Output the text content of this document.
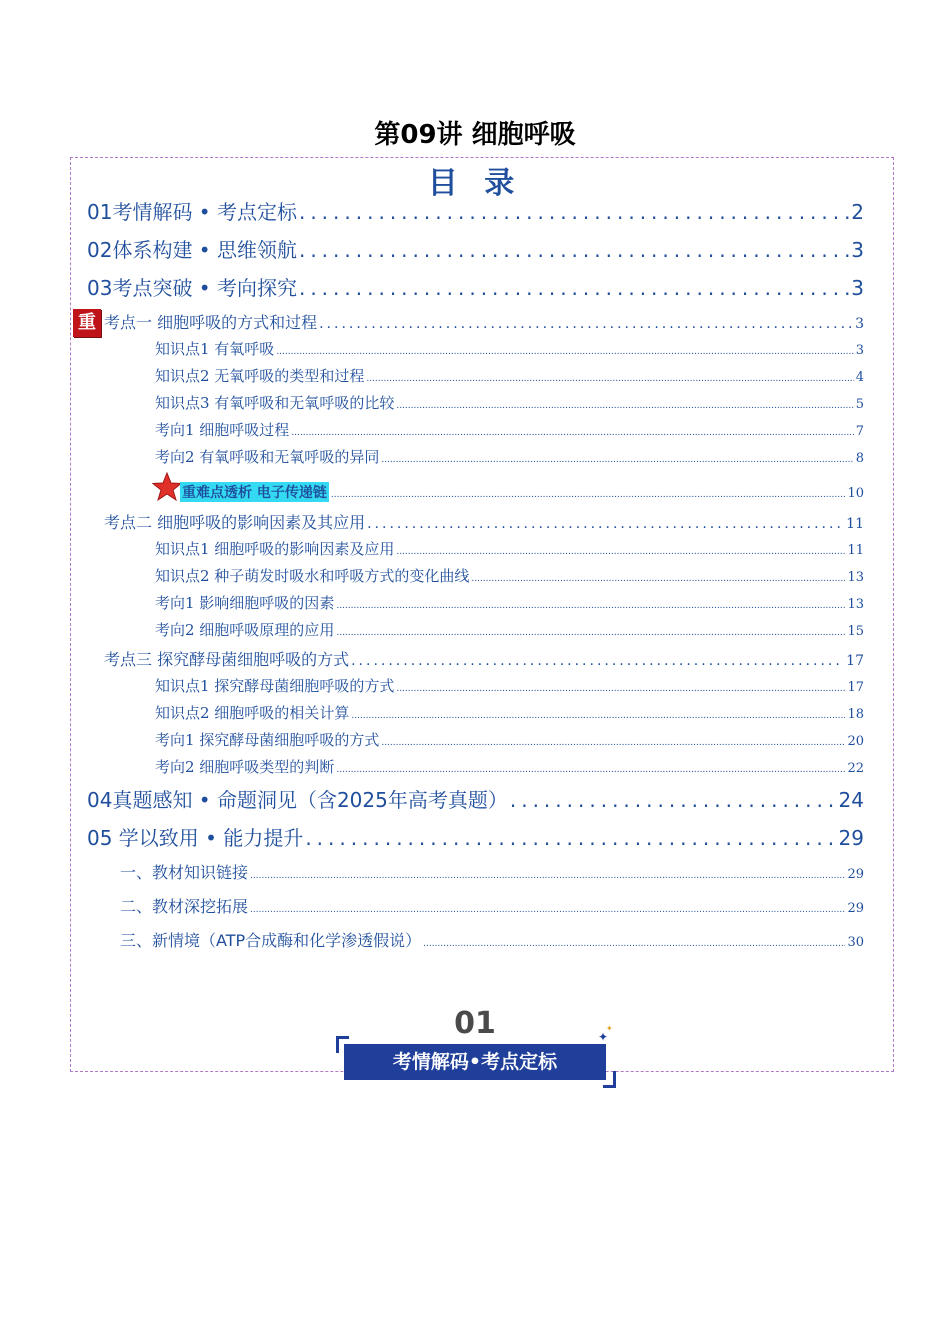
第09讲 细胞呼吸
目 录
01考情解码 • 考点定标 .....	2
02体系构建 • 思维领航 .....	3
03考点突破 • 考向探究 .....	3
重 考点一 细胞呼吸的方式和过程 .....	3
知识点1 有氧呼吸 .....	3
知识点2 无氧呼吸的类型和过程 .....	4
知识点3 有氧呼吸和无氧呼吸的比较 .....	5
考向1 细胞呼吸过程 .....	7
考向2 有氧呼吸和无氧呼吸的异同 .....	8
重难点透析 电子传递链 .....	10
考点二 细胞呼吸的影响因素及其应用 .....	11
知识点1 细胞呼吸的影响因素及应用 .....	11
知识点2 种子萌发时吸水和呼吸方式的变化曲线 .....	13
考向1 影响细胞呼吸的因素 .....	13
考向2 细胞呼吸原理的应用 .....	15
考点三 探究酵母菌细胞呼吸的方式 .....	17
知识点1 探究酵母菌细胞呼吸的方式 .....	17
知识点2 细胞呼吸的相关计算 .....	18
考向1 探究酵母菌细胞呼吸的方式 .....	20
考向2 细胞呼吸类型的判断 .....	22
04真题感知 • 命题洞见（含2025年高考真题） .....	24
05 学以致用 • 能力提升 .....	29
一、教材知识链接 .....	29
二、教材深挖拓展 .....	29
三、新情境（ATP合成酶和化学渗透假说） .....	30
01	✦
✦
考情解码•考点定标
